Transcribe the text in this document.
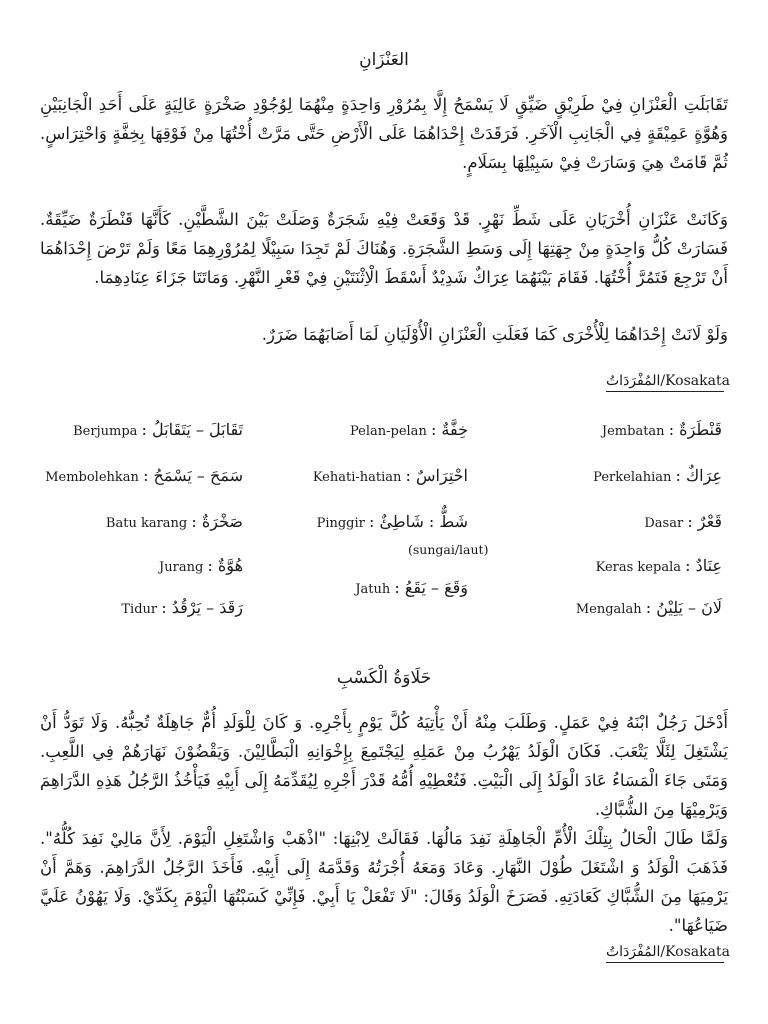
العَنْزَانِ
تَقَابَلَتِ الْعَنْزَانِ فِيْ طَرِيْقٍ ضَيِّقٍ لَا يَسْمَحُ إِلَّا بِمُرُوْرِ وَاحِدَةٍ مِنْهُمَا لِوُجُوْدِ صَخْرَةٍ عَالِيَةٍ عَلَى أَحَدِ الْجَانِبَيْنِ وَهُوَّةٍ عَمِيْقَةٍ فِي الْجَانِبِ الْآخَرِ. فَرَقَدَتْ إِحْدَاهُمَا عَلَى الْأَرْضِ حَتَّى مَرَّتْ أُخْتُهَا مِنْ فَوْقِهَا بِخِفَّةٍ وَاحْتِرَاسٍ. ثُمَّ قَامَتْ هِيَ وَسَارَتْ فِيْ سَبِيْلِهَا بِسَلَامٍ.
وَكَانَتْ عَنْزَانِ أُخْرَيَانِ عَلَى شَطِّ نَهْرٍ. قَدْ وَقَعَتْ فِيْهِ شَجَرَةٌ وَصَلَتْ بَيْنَ الشَّطَّيْنِ. كَأَنَّهَا قَنْطَرَةٌ ضَيِّقَةٌ. فَسَارَتْ كُلُّ وَاحِدَةٍ مِنْ جِهَتِهَا إِلَى وَسَطِ الشَّجَرَةِ. وَهُنَاكَ لَمْ تَجِدَا سَبِيْلًا لِمُرُوْرِهِمَا مَعًا وَلَمْ تَرْضَ إِحْدَاهُمَا أَنْ تَرْجِعَ فَتَمُرَّ أُخْتُهَا. فَقَامَ بَيْنَهُمَا عِرَاكٌ شَدِيْدٌ أَسْقَطَ الْاِثْنَتَيْنِ فِيْ قَعْرِ النَّهْرِ. وَمَاتَتَا جَزَاءَ عِنَادِهِمَا.
وَلَوْ لَانَتْ إِحْدَاهُمَا لِلْأُخْرَى كَمَا فَعَلَتِ الْعَنْزَانِ الْأُوْلَيَانِ لَمَا أَصَابَهُمَا ضَرَرٌ.
المُفْرَدَاتُ/Kosakata
Jembatan قَنْطَرَةٌ :
Pelan-pelan خِفَّةٌ :
Berjumpa تَقَابَلَ – يَتَقَابَلُ :
Perkelahian عِرَاكٌ :
Kehati-hatian احْتِرَاسٌ :
Membolehkan سَمَحَ – يَسْمَحُ :
Dasar قَعْرٌ :
Pinggir شَطٌّ : شَاطِئٌ :
Batu karang صَخْرَةٌ :
(sungai/laut)
Keras kepala عِنَادٌ :
Jurang هُوَّةٌ :
Jatuh وَقَعَ – يَقَعُ :
Mengalah لَانَ – يَلِيْنُ :
Tidur رَقَدَ – يَرْقُدُ :
حَلَاوَةُ الْكَسْبِ
أَدْخَلَ رَجُلٌ ابْنَهُ فِيْ عَمَلٍ. وَطَلَبَ مِنْهُ أَنْ يَأْتِيَهُ كُلَّ يَوْمٍ بِأَجْرِهِ. وَ كَانَ لِلْوَلَدِ أُمٌّ جَاهِلَةٌ تُحِبُّهُ. وَلَا تَوَدُّ أَنْ يَشْتَغِلَ لِئَلَّا يَتْعَبَ. فَكَانَ الْوَلَدُ يَهْرُبُ مِنْ عَمَلِهِ لِيَجْتَمِعَ بِإِخْوَانِهِ الْبَطَّالِيْنَ. وَيَقْضُوْنَ نَهَارَهُمْ فِي اللَّعِبِ. وَمَتَى جَاءَ الْمَسَاءُ عَادَ الْوَلَدُ إِلَى الْبَيْتِ. فَتُعْطِيْهِ أُمُّهُ قَدْرَ أَجْرِهِ لِيُقَدِّمَهُ إِلَى أَبِيْهِ فَيَأْخُذُ الرَّجُلُ هَذِهِ الدَّرَاهِمَ وَيَرْمِيْهَا مِنَ الشُّبَّاكِ.
وَلَمَّا طَالَ الْحَالُ بِتِلْكَ الْأُمِّ الْجَاهِلَةِ نَفِدَ مَالُهَا. فَقَالَتْ لِابْنِهَا: "اذْهَبْ وَاشْتَغِلِ الْيَوْمَ. لِأَنَّ مَالِيْ نَفِدَ كُلُّهُ". فَذَهَبَ الْوَلَدُ وَ اشْتَغَلَ طُوْلَ النَّهَارِ. وَعَادَ وَمَعَهُ أُجْرَتُهُ وَقَدَّمَهُ إِلَى أَبِيْهِ. فَأَخَذَ الرَّجُلُ الدَّرَاهِمَ. وَهَمَّ أَنْ يَرْمِيَهَا مِنَ الشُّبَّاكِ كَعَادَتِهِ. فَصَرَخَ الْوَلَدُ وَقَالَ: "لَا تَفْعَلْ يَا أَبِيْ. فَإِنِّيْ كَسَبْتُهَا الْيَوْمَ بِكَدِّيْ. وَلَا يَهُوْنُ عَلَيَّ ضَيَاعُهَا".
المُفْرَدَاتُ/Kosakata
